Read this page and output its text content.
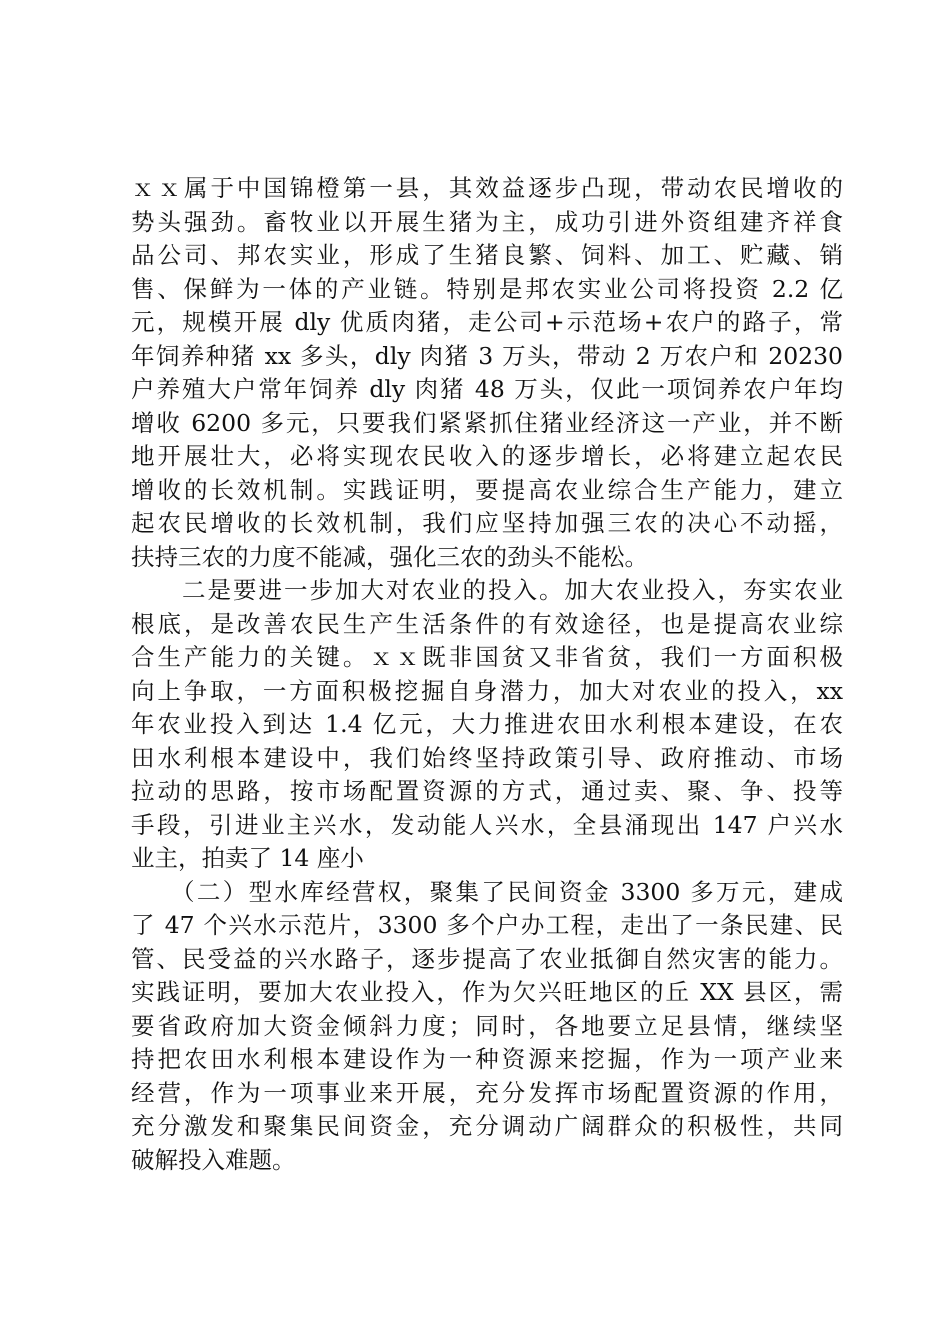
ｘｘ属于中国锦橙第一县，其效益逐步凸现，带动农民增收的
势头强劲。畜牧业以开展生猪为主，成功引进外资组建齐祥食
品公司、邦农实业，形成了生猪良繁、饲料、加工、贮藏、销
售、保鲜为一体的产业链。特别是邦农实业公司将投资 2.2 亿
元，规模开展 dly 优质肉猪，走公司+示范场+农户的路子，常
年饲养种猪 xx 多头，dly 肉猪 3 万头，带动 2 万农户和 20230
户养殖大户常年饲养 dly 肉猪 48 万头，仅此一项饲养农户年均
增收 6200 多元，只要我们紧紧抓住猪业经济这一产业，并不断
地开展壮大，必将实现农民收入的逐步增长，必将建立起农民
增收的长效机制。实践证明，要提高农业综合生产能力，建立
起农民增收的长效机制，我们应坚持加强三农的决心不动摇，
扶持三农的力度不能减，强化三农的劲头不能松。
　　二是要进一步加大对农业的投入。加大农业投入，夯实农业
根底，是改善农民生产生活条件的有效途径，也是提高农业综
合生产能力的关键。ｘｘ既非国贫又非省贫，我们一方面积极
向上争取，一方面积极挖掘自身潜力，加大对农业的投入，xx
年农业投入到达 1.4 亿元，大力推进农田水利根本建设，在农
田水利根本建设中，我们始终坚持政策引导、政府推动、市场
拉动的思路，按市场配置资源的方式，通过卖、聚、争、投等
手段，引进业主兴水，发动能人兴水，全县涌现出 147 户兴水
业主，拍卖了 14 座小
　　（二）型水库经营权，聚集了民间资金 3300 多万元，建成
了 47 个兴水示范片，3300 多个户办工程，走出了一条民建、民
管、民受益的兴水路子，逐步提高了农业抵御自然灾害的能力。
实践证明，要加大农业投入，作为欠兴旺地区的丘 XX 县区，需
要省政府加大资金倾斜力度；同时，各地要立足县情，继续坚
持把农田水利根本建设作为一种资源来挖掘，作为一项产业来
经营，作为一项事业来开展，充分发挥市场配置资源的作用，
充分激发和聚集民间资金，充分调动广阔群众的积极性，共同
破解投入难题。
